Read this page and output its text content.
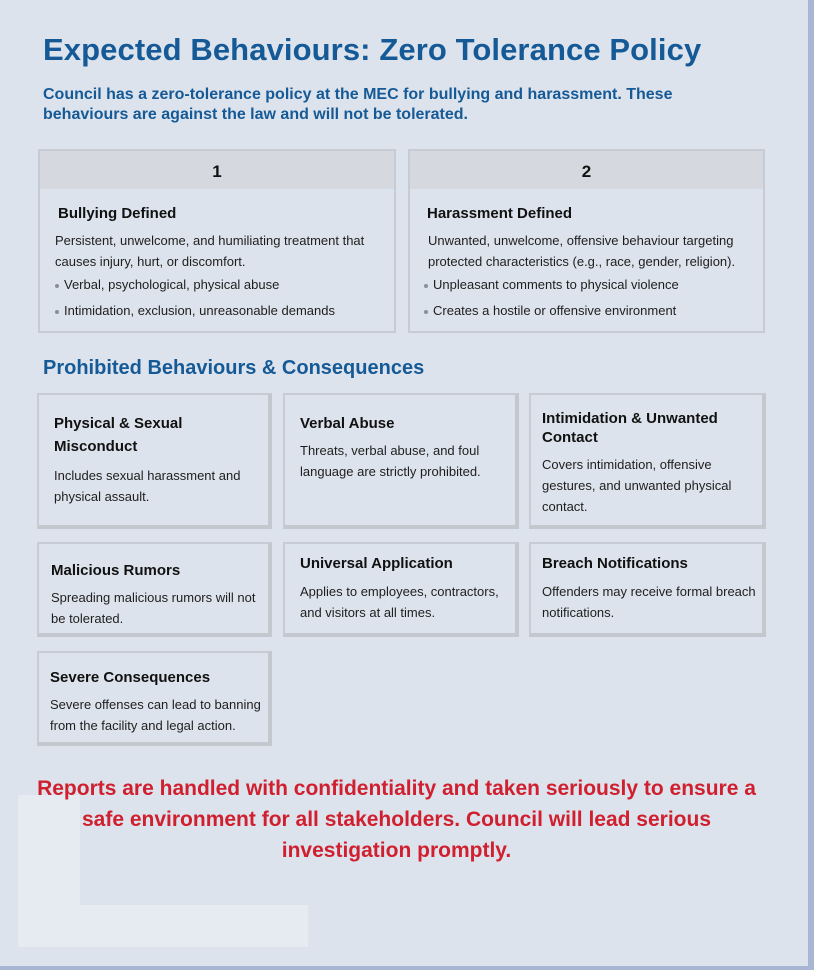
Expected Behaviours: Zero Tolerance Policy

Council has a zero-tolerance policy at the MEC for bullying and harassment. These behaviours are against the law and will not be tolerated.

1
Bullying Defined

Persistent, unwelcome, and humiliating treatment that causes injury, hurt, or discomfort.

Verbal, psychological, physical abuse
Intimidation, exclusion, unreasonable demands
2
Harassment Defined

Unwanted, unwelcome, offensive behaviour targeting protected characteristics (e.g., race, gender, religion).

Unpleasant comments to physical violence
Creates a hostile or offensive environment
Prohibited Behaviours & Consequences
Physical & Sexual Misconduct

Includes sexual harassment and physical assault.

Verbal Abuse

Threats, verbal abuse, and foul language are strictly prohibited.

Intimidation & Unwanted Contact

Covers intimidation, offensive gestures, and unwanted physical contact.

Malicious Rumors

Spreading malicious rumors will not be tolerated.

Universal Application

Applies to employees, contractors, and visitors at all times.

Breach Notifications

Offenders may receive formal breach notifications.

Severe Consequences

Severe offenses can lead to banning from the facility and legal action.

Reports are handled with confidentiality and taken seriously to ensure a safe environment for all stakeholders. Council will lead serious investigation promptly.
